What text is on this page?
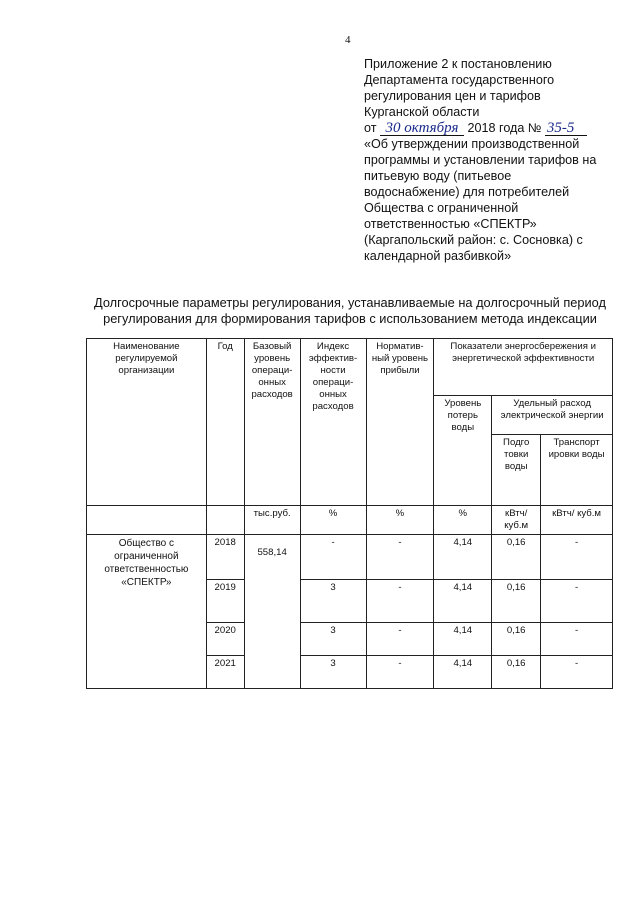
4
Приложение 2 к постановлению
Департамента государственного
регулирования цен и тарифов
Курганской области
от 30 октября 2018 года № 35-5
«Об утверждении производственной
программы и установлении тарифов на
питьевую воду (питьевое
водоснабжение) для потребителей
Общества с ограниченной
ответственностью «СПЕКТР»
(Каргапольский район: с. Сосновка) с
календарной разбивкой»
Долгосрочные параметры регулирования, устанавливаемые на долгосрочный период
регулирования для формирования тарифов с использованием метода индексации
Наименование регулируемой организации	Год	Базовый уровень операци-онных расходов	Индекс эффектив-ности операци-онных расходов	Норматив-ный уровень прибыли	Показатели энергосбережения и энергетической эффективности		
					Уровень потерь воды	Удельный расход электрической энергии	
						Подго товки воды	Транспорт ировки воды
		тыс.руб.	%	%	%	кВтч/ куб.м	кВтч/ куб.м
Общество с ограниченной ответственностью «СПЕКТР»	2018	558,14	-	-	4,14	0,16	-
	2019		3	-	4,14	0,16	-
	2020		3	-	4,14	0,16	-
	2021		3	-	4,14	0,16	-
